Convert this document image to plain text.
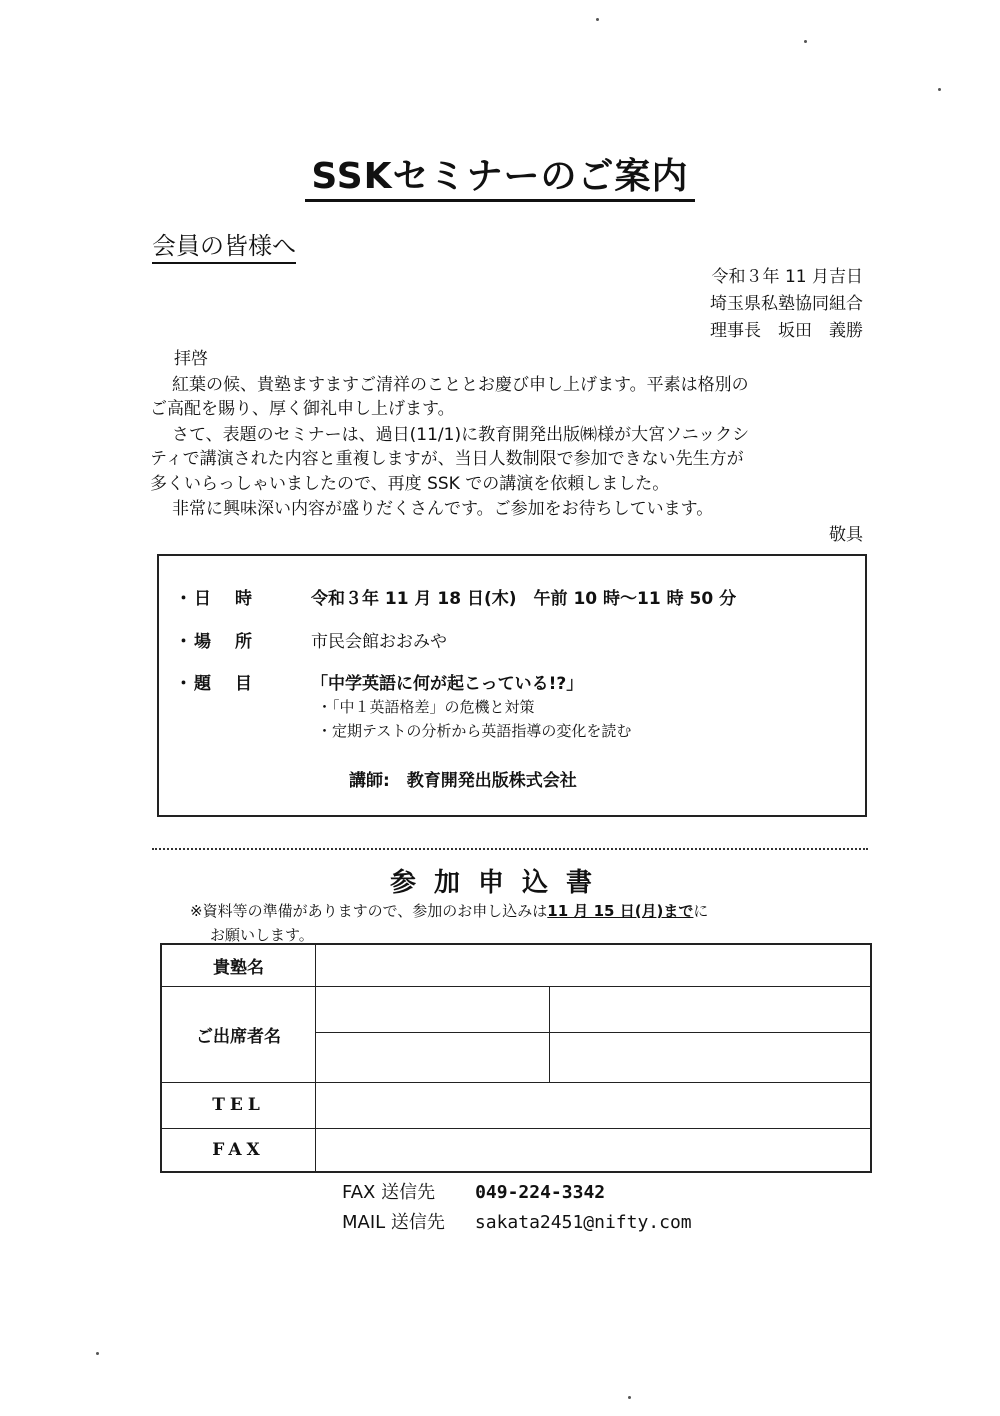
SSKセミナーのご案内
会員の皆様へ
令和３年 11 月吉日
埼玉県私塾協同組合
理事長　坂田　義勝
拝啓
紅葉の候、貴塾ますますご清祥のこととお慶び申し上げます。平素は格別の
ご高配を賜り、厚く御礼申し上げます。
さて、表題のセミナーは、過日(11/1)に教育開発出版㈱様が大宮ソニックシ
ティで講演された内容と重複しますが、当日人数制限で参加できない先生方が
多くいらっしゃいましたので、再度 SSK での講演を依頼しました。
非常に興味深い内容が盛りだくさんです。ご参加をお待ちしています。
敬具
・日 時	令和３年 11 月 18 日(木)　午前 10 時～11 時 50 分
・場 所	市民会館おおみや
・題 目	「中学英語に何が起こっている!?」
・「中１英語格差」の危機と対策
・定期テストの分析から英語指導の変化を読む
講師:　教育開発出版株式会社
参加申込書
※資料等の準備がありますので、参加のお申し込みは11 月 15 日(月)までに
お願いします。
貴塾名		
ご出席者名		

TEL		
FAX		
FAX 送信先 049-224-3342
MAIL 送信先 sakata2451@nifty.com
